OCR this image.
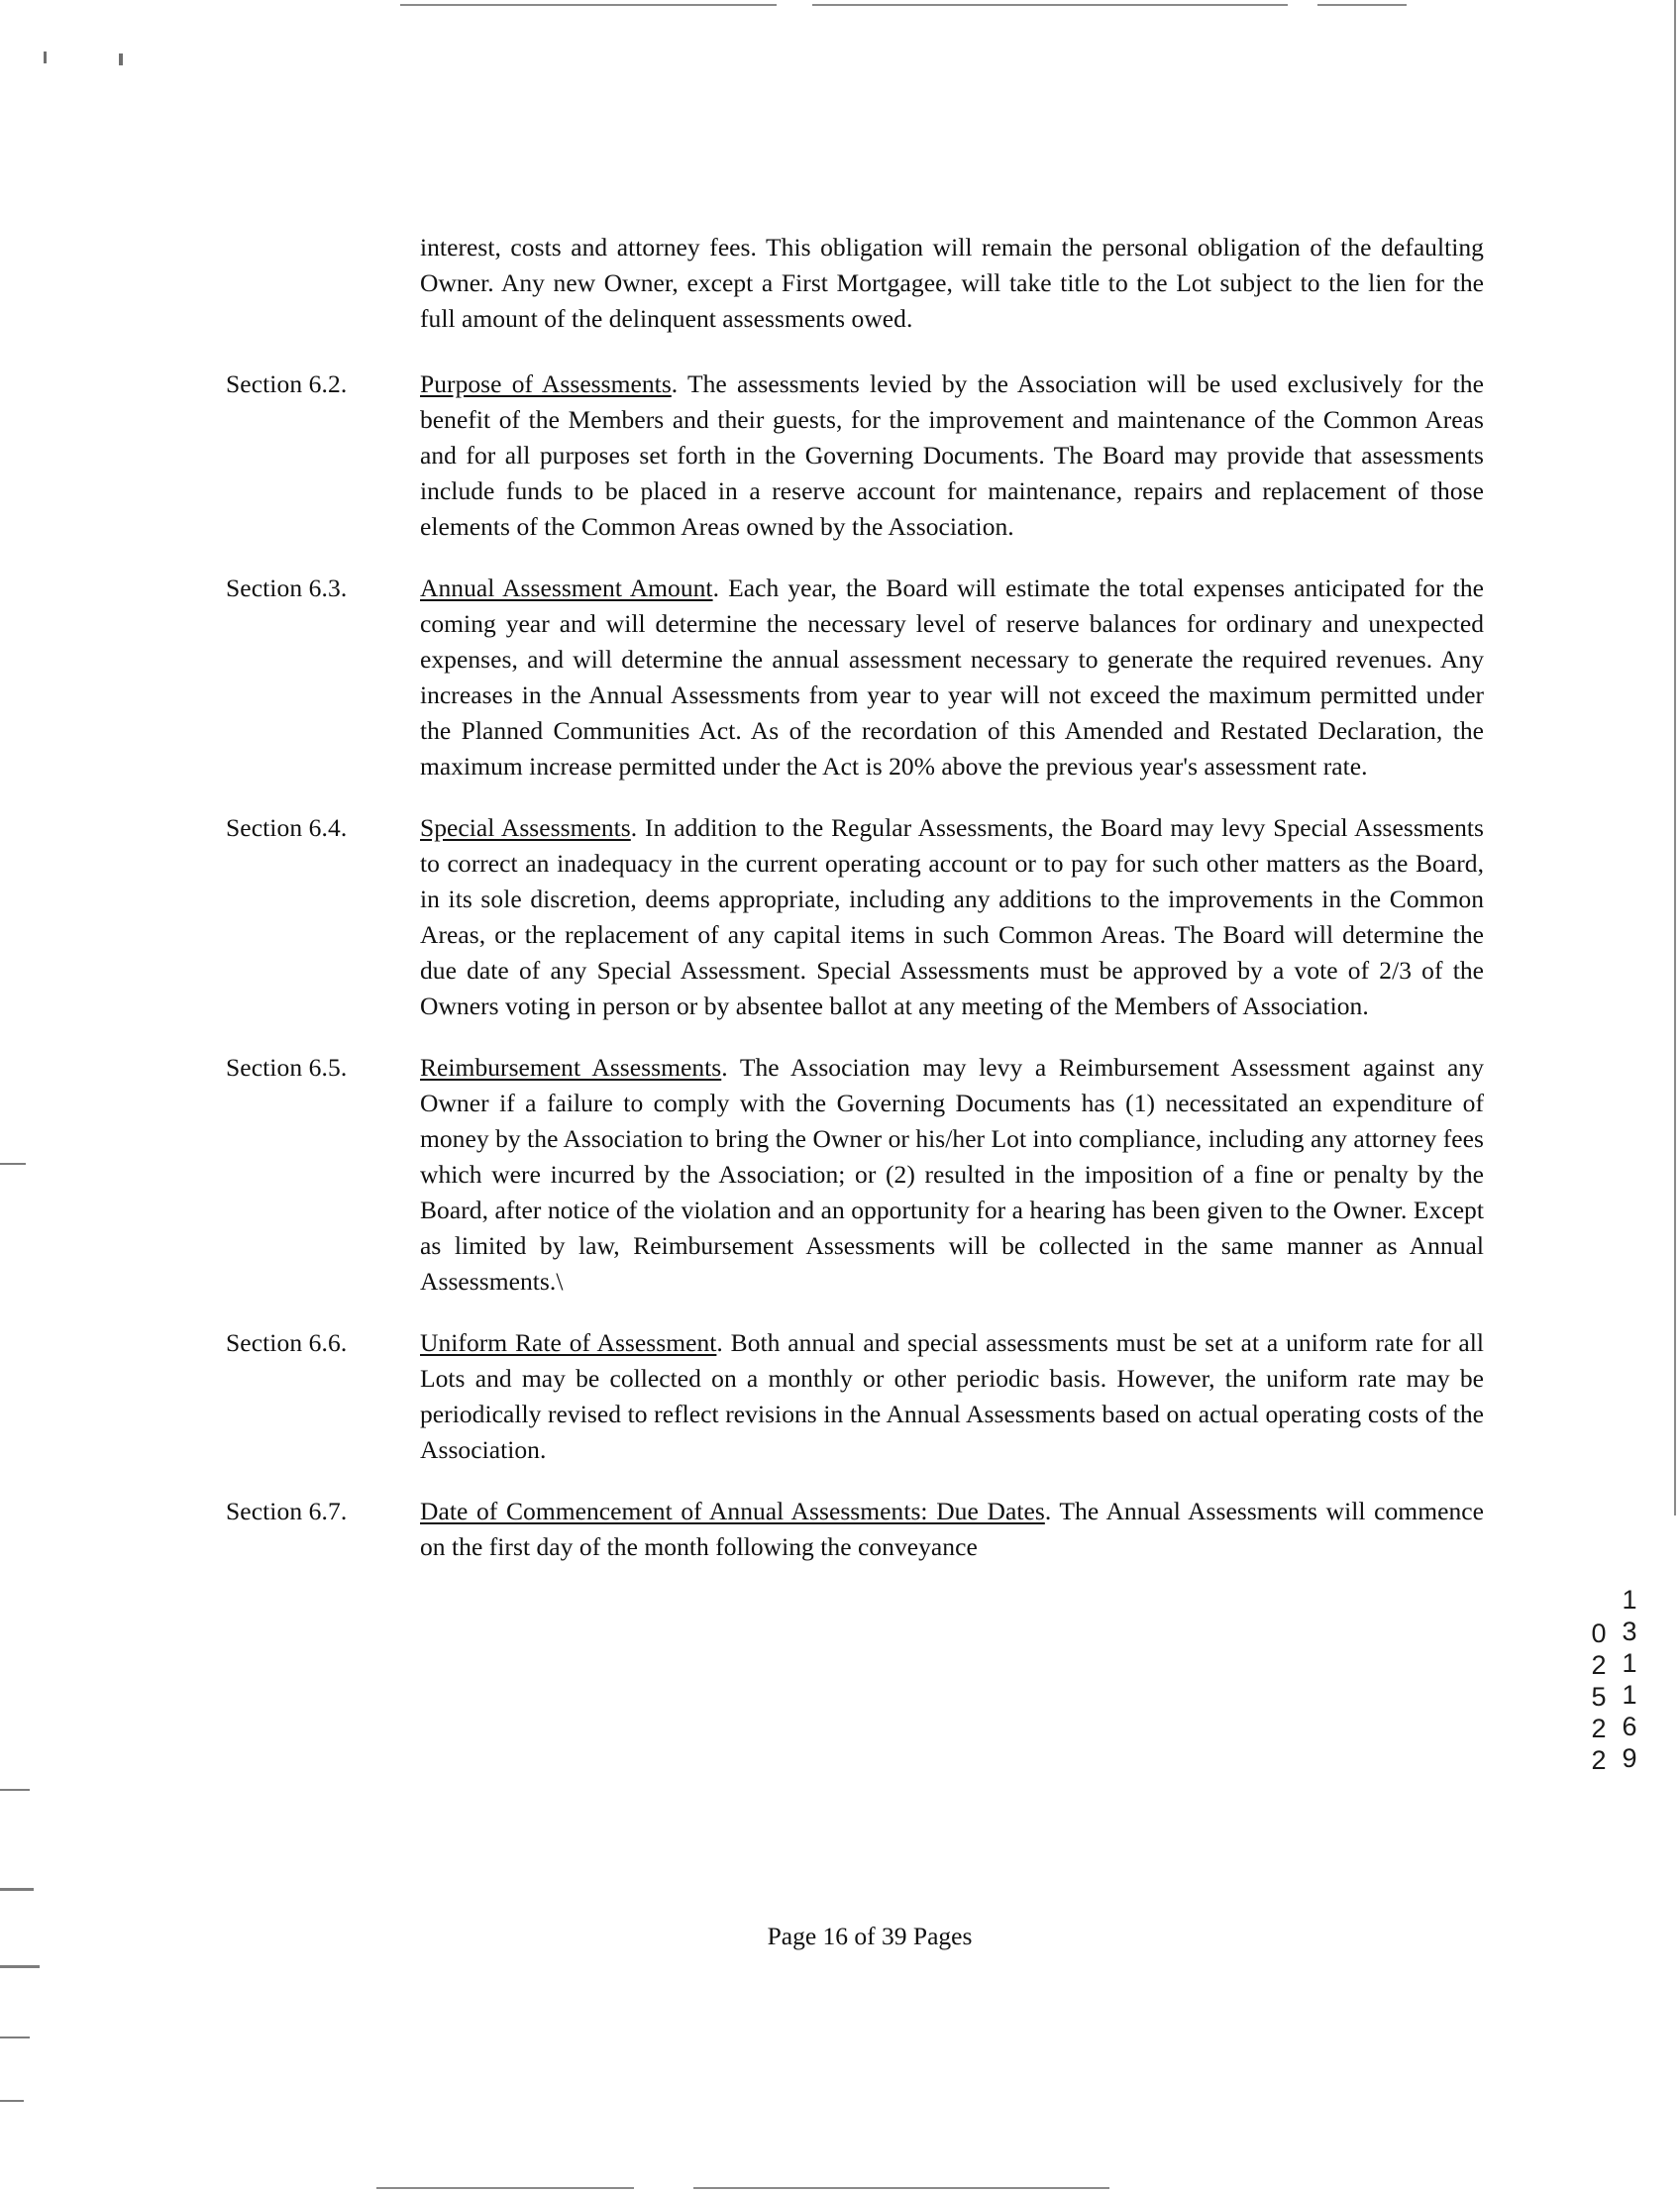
interest, costs and attorney fees. This obligation will remain the personal obligation of the defaulting Owner. Any new Owner, except a First Mortgagee, will take title to the Lot subject to the lien for the full amount of the delinquent assessments owed.
Section 6.2.	Purpose of Assessments. The assessments levied by the Association will be used exclusively for the benefit of the Members and their guests, for the improvement and maintenance of the Common Areas and for all purposes set forth in the Governing Documents. The Board may provide that assessments include funds to be placed in a reserve account for maintenance, repairs and replacement of those elements of the Common Areas owned by the Association.
Section 6.3.	Annual Assessment Amount. Each year, the Board will estimate the total expenses anticipated for the coming year and will determine the necessary level of reserve balances for ordinary and unexpected expenses, and will determine the annual assessment necessary to generate the required revenues. Any increases in the Annual Assessments from year to year will not exceed the maximum permitted under the Planned Communities Act. As of the recordation of this Amended and Restated Declaration, the maximum increase permitted under the Act is 20% above the previous year's assessment rate.
Section 6.4.	Special Assessments. In addition to the Regular Assessments, the Board may levy Special Assessments to correct an inadequacy in the current operating account or to pay for such other matters as the Board, in its sole discretion, deems appropriate, including any additions to the improvements in the Common Areas, or the replacement of any capital items in such Common Areas. The Board will determine the due date of any Special Assessment. Special Assessments must be approved by a vote of 2/3 of the Owners voting in person or by absentee ballot at any meeting of the Members of Association.
Section 6.5.	Reimbursement Assessments. The Association may levy a Reimbursement Assessment against any Owner if a failure to comply with the Governing Documents has (1) necessitated an expenditure of money by the Association to bring the Owner or his/her Lot into compliance, including any attorney fees which were incurred by the Association; or (2) resulted in the imposition of a fine or penalty by the Board, after notice of the violation and an opportunity for a hearing has been given to the Owner. Except as limited by law, Reimbursement Assessments will be collected in the same manner as Annual Assessments.\
Section 6.6.	Uniform Rate of Assessment. Both annual and special assessments must be set at a uniform rate for all Lots and may be collected on a monthly or other periodic basis. However, the uniform rate may be periodically revised to reflect revisions in the Annual Assessments based on actual operating costs of the Association.
Section 6.7.	Date of Commencement of Annual Assessments: Due Dates. The Annual Assessments will commence on the first day of the month following the conveyance
Page 16 of 39 Pages
131169
02522
